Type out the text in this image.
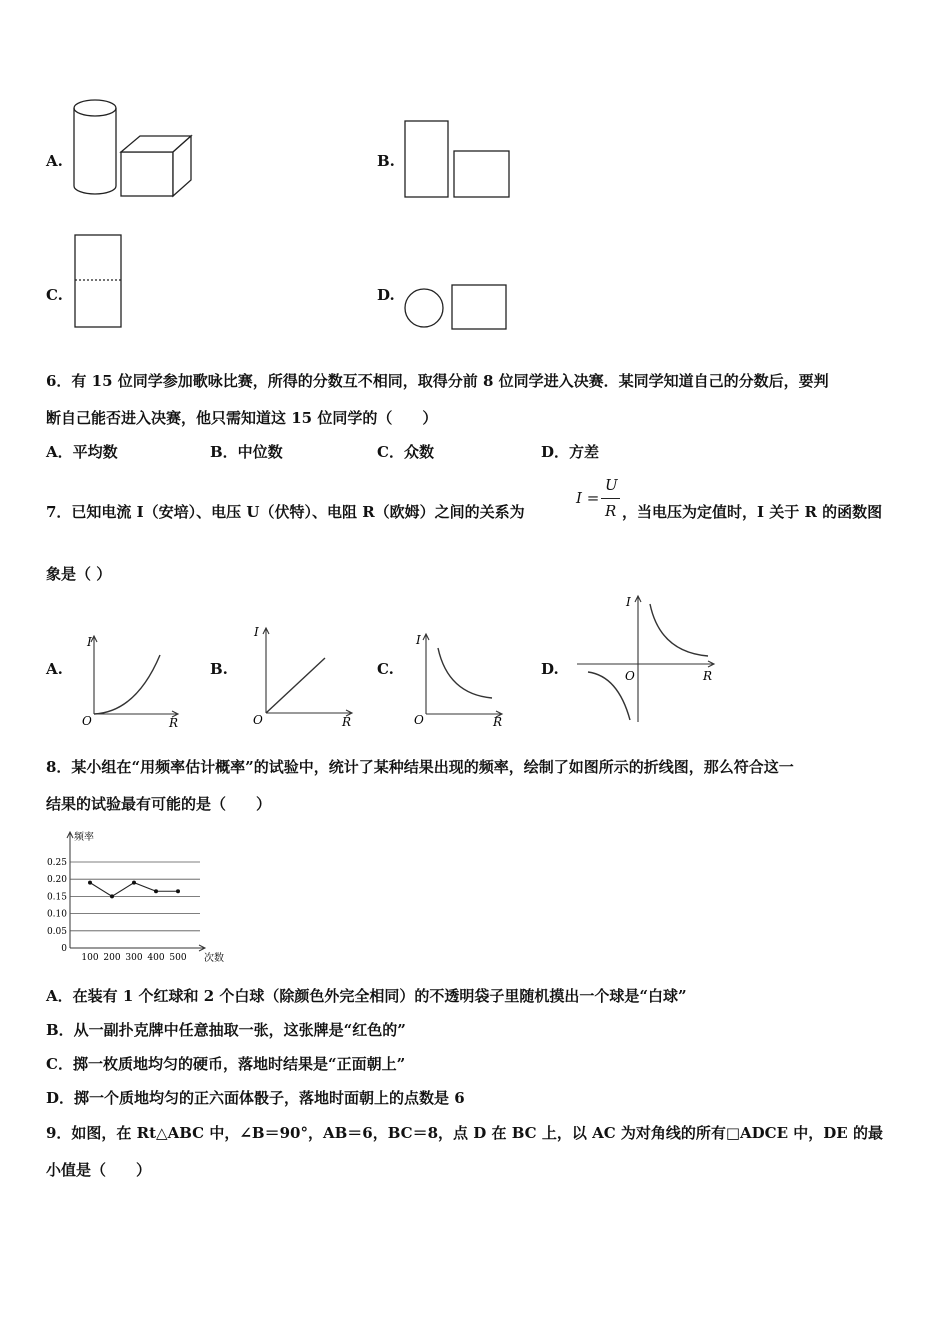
A.	B.
C.	D.
6．有 15 位同学参加歌咏比赛，所得的分数互不相同，取得分前 8 位同学进入决赛．某同学知道自己的分数后，要判
断自己能否进入决赛，他只需知道这 15 位同学的（　　）
A．平均数	B．中位数	C．众数	D．方差
7．已知电流 I（安培）、电压 U（伏特）、电阻 R（欧姆）之间的关系为
I =
U
R ，当电压为定值时，I 关于 R 的函数图
象是（ ）
A.
I
R
O
B.
I
R
O
C.
I
R
O
D.
I
R
O
8．某小组在“用频率估计概率”的试验中，统计了某种结果出现的频率，绘制了如图所示的折线图，那么符合这一
结果的试验最有可能的是（　　）
频率
次数
0
0.05
0.10
0.15
0.20
0.25
100 200 300 400 500
A．在装有 1 个红球和 2 个白球（除颜色外完全相同）的不透明袋子里随机摸出一个球是“白球”
B．从一副扑克牌中任意抽取一张，这张牌是“红色的”
C．掷一枚质地均匀的硬币，落地时结果是“正面朝上”
D．掷一个质地均匀的正六面体骰子，落地时面朝上的点数是 6
9．如图，在 Rt△ABC 中，∠B＝90°，AB＝6，BC＝8，点 D 在 BC 上，以 AC 为对角线的所有□ADCE 中，DE 的最
小值是（　　）
